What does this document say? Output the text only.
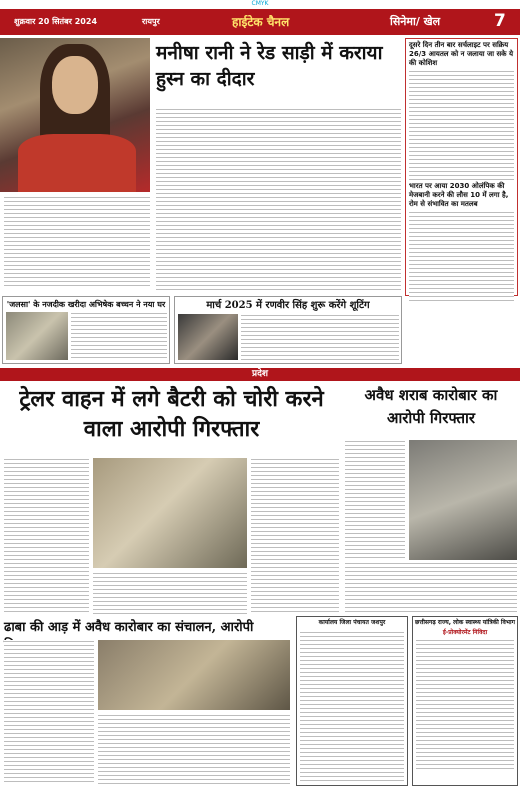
CMYK
शुक्रवार 20 सितंबर 2024	रायपुर	हाईटेक चैनल	सिनेमा/ खेल	7
मनीषा रानी ने रेड साड़ी में कराया हुस्न का दीदार
दूसरे दिन तीन बार सर्चलाइट पर सक्रिय 26/3 आयतल को न जलाया जा सके ये की कोशिश
भारत पर आया 2030 ओलंपिक की मेजबानी करने की लौस 10 में लगा है, रोम से संभावित का मतलब
'जलसा' के नजदीक खरीदा अभिषेक बच्चन ने नया घर	मार्च 2025 में रणवीर सिंह शुरू करेंगे शूटिंग
प्रदेश
ट्रेलर वाहन में लगे बैटरी को चोरी करने वाला आरोपी गिरफ्तार
अवैध शराब कारोबार का आरोपी गिरफ्तार
ढाबा की आड़ में अवैध कारोबार का संचालन, आरोपी	कार्यालय जिला पंचायत जशपुर	छत्तीसगढ़ राज्य, लोक स्वास्थ्य यांत्रिकी विभाग
ई-प्रोक्योरमेंट निविदा
